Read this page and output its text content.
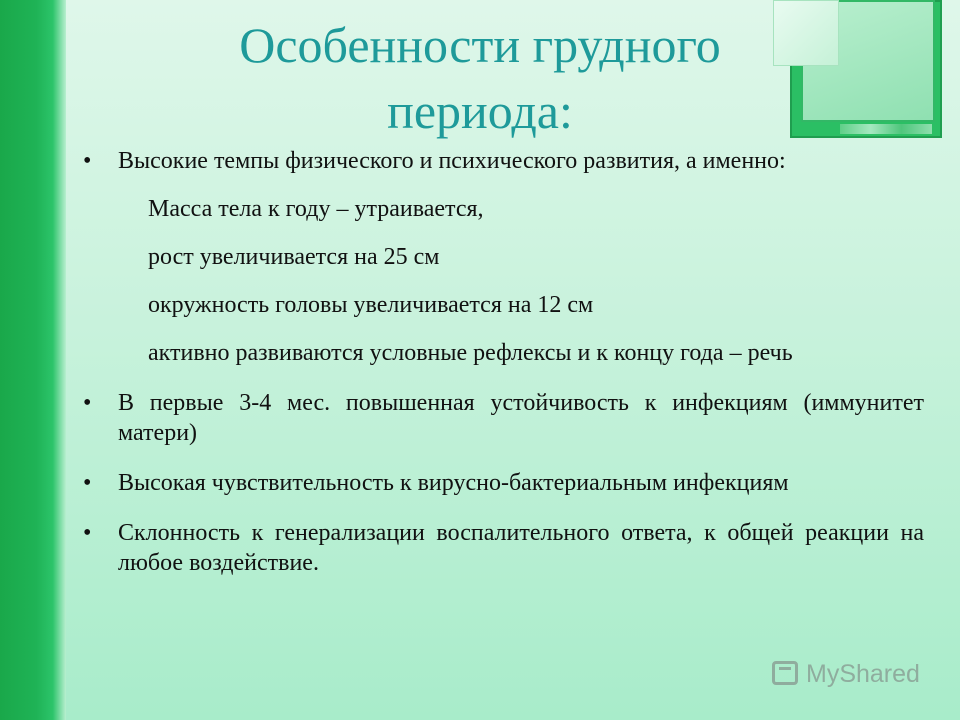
Особенности грудного
периода:

• Высокие темпы физического и психического развития, а именно:

Масса тела к году – утраивается,

рост увеличивается на 25 см

окружность головы увеличивается на 12 см

активно развиваются условные рефлексы и к концу года – речь

• В первые 3-4 мес. повышенная устойчивость к инфекциям (иммунитет матери)

• Высокая чувствительность к вирусно-бактериальным инфекциям

• Склонность к генерализации воспалительного ответа, к общей реакции на любое воздействие.

MyShared
